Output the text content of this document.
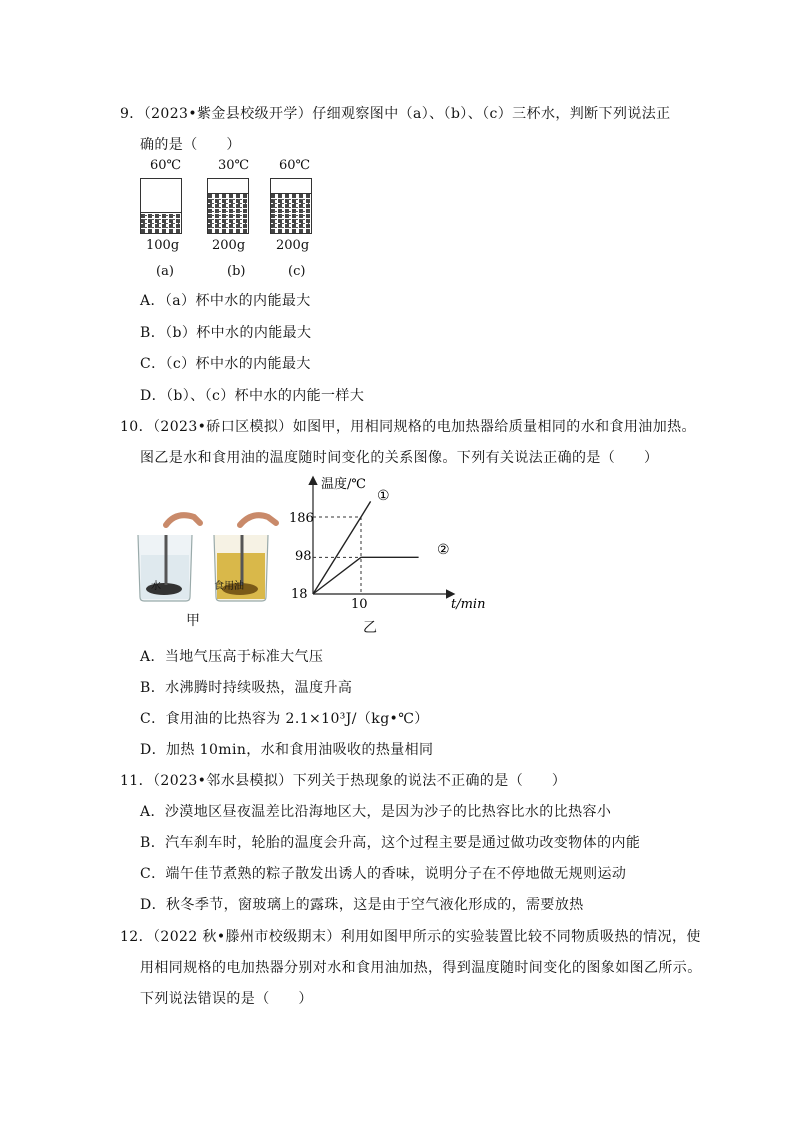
9．（2023•紫金县校级开学）仔细观察图中（a）、（b）、（c）三杯水，判断下列说法正
确的是（　　）
60℃
100g
(a)
30℃
200g
(b)
60℃
200g
(c)
A．（a）杯中水的内能最大
B．（b）杯中水的内能最大
C．（c）杯中水的内能最大
D．（b）、（c）杯中水的内能一样大
10．（2023•硚口区模拟）如图甲，用相同规格的电加热器给质量相同的水和食用油加热。
图乙是水和食用油的温度随时间变化的关系图像。下列有关说法正确的是（　　）
水	食用油
甲
温度/℃
t/min
186
98
18
10
①
②
乙
A．当地气压高于标准大气压
B．水沸腾时持续吸热，温度升高
C．食用油的比热容为 2.1×10³J/（kg•℃）
D．加热 10min，水和食用油吸收的热量相同
11．（2023•邻水县模拟）下列关于热现象的说法不正确的是（　　）
A．沙漠地区昼夜温差比沿海地区大，是因为沙子的比热容比水的比热容小
B．汽车刹车时，轮胎的温度会升高，这个过程主要是通过做功改变物体的内能
C．端午佳节煮熟的粽子散发出诱人的香味，说明分子在不停地做无规则运动
D．秋冬季节，窗玻璃上的露珠，这是由于空气液化形成的，需要放热
12．（2022 秋•滕州市校级期末）利用如图甲所示的实验装置比较不同物质吸热的情况，使
用相同规格的电加热器分别对水和食用油加热，得到温度随时间变化的图象如图乙所示。
下列说法错误的是（　　）
